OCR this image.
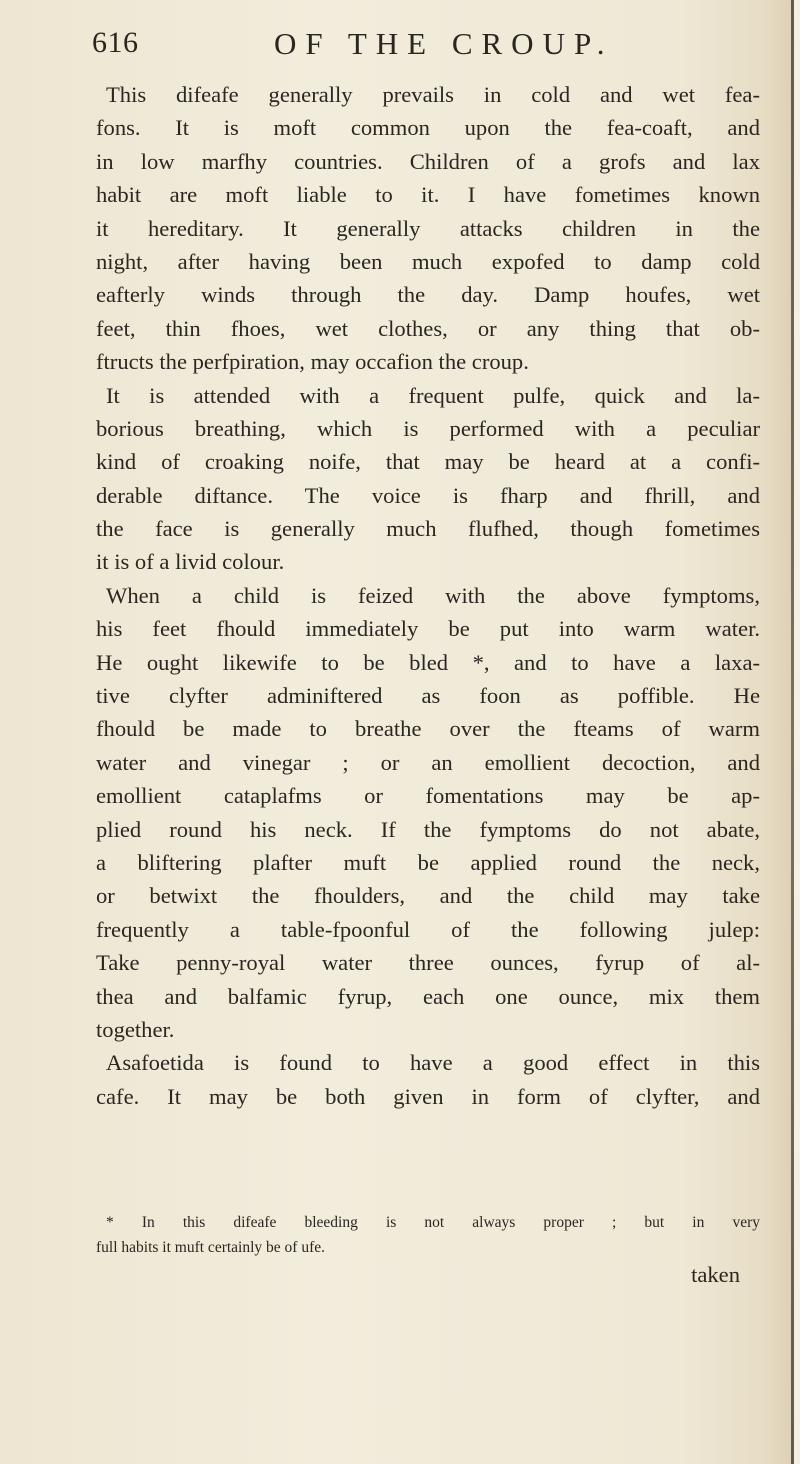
616	OF THE CROUP.
This difeafe generally prevails in cold and wet fea-
fons. It is moft common upon the fea-coaft, and
in low marfhy countries. Children of a grofs and lax
habit are moft liable to it. I have fometimes known
it hereditary. It generally attacks children in the
night, after having been much expofed to damp cold
eafterly winds through the day. Damp houfes, wet
feet, thin fhoes, wet clothes, or any thing that ob-
ftructs the perfpiration, may occafion the croup.
It is attended with a frequent pulfe, quick and la-
borious breathing, which is performed with a peculiar
kind of croaking noife, that may be heard at a confi-
derable diftance. The voice is fharp and fhrill, and
the face is generally much flufhed, though fometimes
it is of a livid colour.
When a child is feized with the above fymptoms,
his feet fhould immediately be put into warm water.
He ought likewife to be bled *, and to have a laxa-
tive clyfter adminiftered as foon as poffible. He
fhould be made to breathe over the fteams of warm
water and vinegar ; or an emollient decoction, and
emollient cataplafms or fomentations may be ap-
plied round his neck. If the fymptoms do not abate,
a bliftering plafter muft be applied round the neck,
or betwixt the fhoulders, and the child may take
frequently a table-fpoonful of the following julep:
Take penny-royal water three ounces, fyrup of al-
thea and balfamic fyrup, each one ounce, mix them
together.
Asafoetida is found to have a good effect in this
cafe. It may be both given in form of clyfter, and
* In this difeafe bleeding is not always proper ; but in very
full habits it muft certainly be of ufe.
taken
